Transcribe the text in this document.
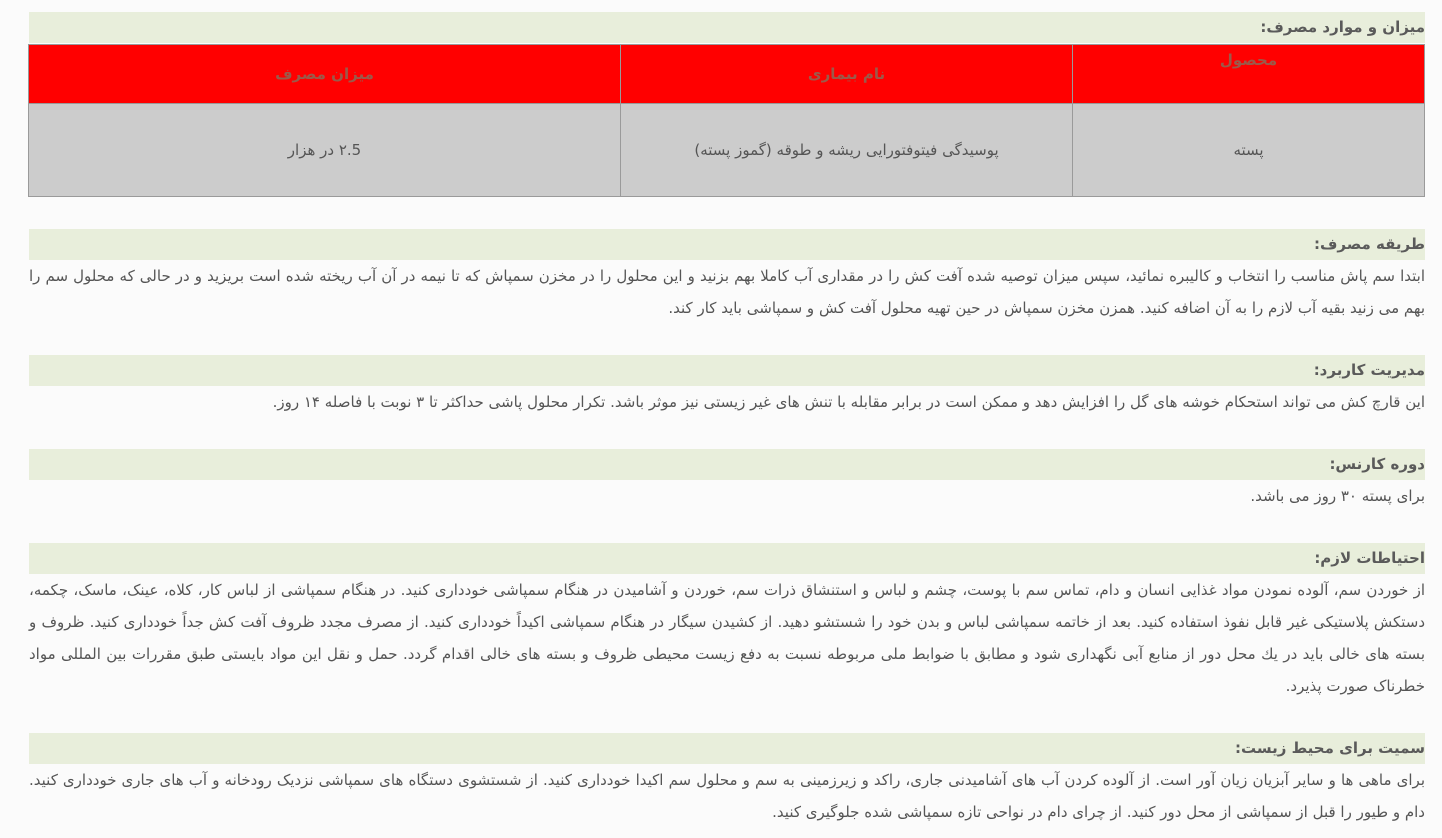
میزان و موارد مصرف:
محصول	نام بیماری	میزان مصرف
پسته	پوسیدگی فیتوفتورایی ریشه و طوقه (گموز پسته)	۲.5 در هزار
طریقه مصرف:

ابتدا سم پاش مناسب را انتخاب و کالیبره نمائید، سپس میزان توصیه شده آفت کش را در مقداری آب کاملا بهم بزنید و این محلول را در مخزن سمپاش که تا نیمه در آن آب ریخته شده است بریزید و در حالی که محلول سم را بهم می زنید بقیه آب لازم را به آن اضافه کنید. همزن مخزن سمپاش در حین تهیه محلول آفت کش و سمپاشی باید کار کند.

مدیریت کاربرد:

این قارچ کش می تواند استحکام خوشه های گل را افزایش دهد و ممکن است در برابر مقابله با تنش های غیر زیستی نیز موثر باشد. تکرار محلول پاشی حداکثر تا ۳ نوبت با فاصله ۱۴ روز.

دوره کارنس:

برای پسته ۳۰ روز می باشد.

احتیاطات لازم:

از خوردن سم، آلوده نمودن مواد غذایی انسان و دام، تماس سم با پوست، چشم و لباس و استنشاق ذرات سم، خوردن و آشامیدن در هنگام سمپاشی خودداری کنید. در هنگام سمپاشی از لباس کار، کلاه، عینک، ماسک، چکمه، دستکش پلاستیکی غیر قابل نفوذ استفاده کنید. بعد از خاتمه سمپاشی لباس و بدن خود را شستشو دهید. از کشیدن سیگار در هنگام سمپاشی اکیداً خودداری کنید. از مصرف مجدد ظروف آفت کش جداً خودداری کنید. ظروف و بسته های خالی باید در یك محل دور از منابع آبی نگهداری شود و مطابق با ضوابط ملی مربوطه نسبت به دفع زیست محیطی ظروف و بسته های خالی اقدام گردد. حمل و نقل این مواد بایستی طبق مقررات بین المللی مواد خطرناک صورت پذیرد.

سمیت برای محیط زیست:

برای ماهی ها و سایر آبزیان زیان آور است. از آلوده کردن آب های آشامیدنی جاری، راکد و زیرزمینی به سم و محلول سم اکیدا خودداری کنید. از شستشوی دستگاه های سمپاشی نزدیک رودخانه و آب های جاری خودداری کنید. دام و طیور را قبل از سمپاشی از محل دور کنید. از چرای دام در نواحی تازه سمپاشی شده جلوگیری کنید.
